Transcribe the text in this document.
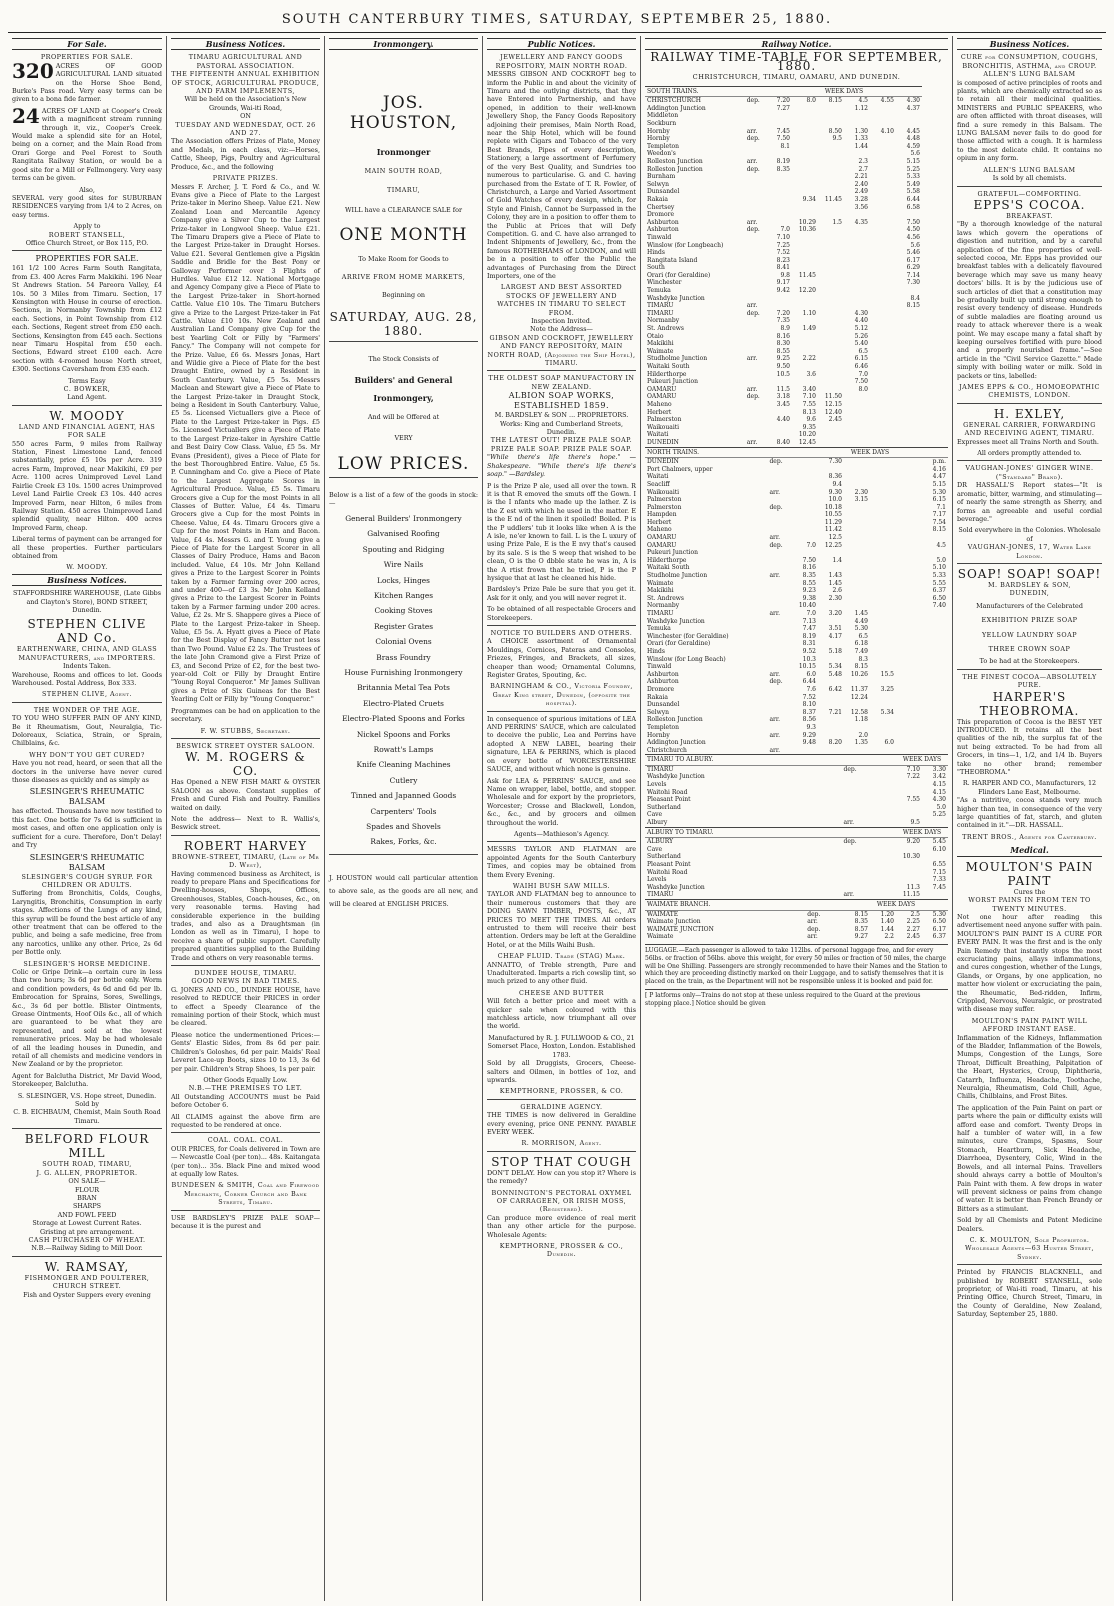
SOUTH CANTERBURY TIMES, SATURDAY, SEPTEMBER 25, 1880.
For Sale.
PROPERTIES FOR SALE.
320 ACRES OF GOOD AGRICULTURAL LAND situated on the Horse Shoe Bend, Burke's Pass road. Very easy terms can be given to a bona fide farmer.
24 ACRES OF LAND at Cooper's Creek with a magnificent stream running through it, viz., Cooper's Creek. Would make a splendid site for an Hotel, being on a corner, and the Main Road from Orari Gorge and Peel Forest to South Rangitata Railway Station, or would be a good site for a Mill or Fellmongery. Very easy terms can be given.
Also,
SEVERAL very good sites for SUBURBAN RESIDENCES varying from 1/4 to 2 Acres, on easy terms.
Apply to
ROBERT STANSELL,
Office Church Street, or Box 115, P.O.
PROPERTIES FOR SALE.
161 1/2 100 Acres Farm South Rangitata, from £3. 400 Acres Farm Makikihi. 196 Near St Andrews Station. 54 Pareora Valley, £4 10s. 50 3 Miles from Timaru. Section, 17 Kensington with House in course of erection. Sections, in Normanby Township from £12 each. Sections, in Point Township from £12 each. Sections, Regent street from £50 each. Sections, Kensington from £45 each. Sections near Timaru Hospital from £50 each. Sections, Edward street £100 each. Acre section with 4-roomed house North street, £300. Sections Caversham from £35 each.
Terms Easy
C. BOWKER,
Land Agent.
W. MOODY
LAND AND FINANCIAL AGENT, HAS FOR SALE
550 acres Farm, 9 miles from Railway Station, Finest Limestone Land, fenced substantially, price £5 10s per Acre. 319 acres Farm, Improved, near Makikihi, £9 per Acre. 1100 acres Unimproved Level Land Fairlie Creek £3 10s. 1500 acres Unimproved Level Land Fairlie Creek £3 10s. 440 acres Improved Farm, near Hilton, 6 miles from Railway Station. 450 acres Unimproved Land splendid quality, near Hilton. 400 acres Improved Farm, cheap.
Liberal terms of payment can be arranged for all these properties. Further particulars obtained from
W. MOODY.
Business Notices.
STAFFORDSHIRE WAREHOUSE, (Late Gibbs and Clayton's Store), BOND STREET, Dunedin.
STEPHEN CLIVE AND Co.
EARTHENWARE, CHINA, AND GLASS MANUFACTURERS, and IMPORTERS.
Indents Taken.
Warehouse, Rooms and offices to let. Goods Warehoused. Postal Address, Box 333.
STEPHEN CLIVE, Agent.
THE WONDER OF THE AGE.
TO YOU WHO SUFFER PAIN OF ANY KIND, Be it Rheumatism, Gout, Neuralgia, Tic-Doloreaux, Sciatica, Strain, or Sprain, Chilblains, &c.
WHY DON'T YOU GET CURED?
Have you not read, heard, or seen that all the doctors in the universe have never cured those diseases as quickly and as simply as
SLESINGER'S RHEUMATIC BALSAM
has effected. Thousands have now testified to this fact. One bottle for 7s 6d is sufficient in most cases, and often one application only is sufficient for a cure. Therefore, Don't Delay! and Try
SLESINGER'S RHEUMATIC BALSAM
SLESINGER'S COUGH SYRUP. FOR CHILDREN OR ADULTS.
Suffering from Bronchitis, Colds, Coughs, Laryngitis, Bronchitis, Consumption in early stages. Affections of the Lungs of any kind, this syrup will be found the best article of any other treatment that can be offered to the public, and being a safe medicine, free from any narcotics, unlike any other. Price, 2s 6d per Bottle only.
SLESINGER'S HORSE MEDICINE.
Colic or Gripe Drink—a certain cure in less than two hours; 3s 6d per bottle only. Worm and condition powders, 4s 6d and 6d per lb. Embrocation for Sprains, Sores, Swellings, &c., 3s 6d per bottle. Blister Ointments, Grease Ointments, Hoof Oils &c., all of which are guaranteed to be what they are represented, and sold at the lowest remunerative prices. May be had wholesale of all the leading houses in Dunedin, and retail of all chemists and medicine vendors in New Zealand or by the proprietor.
Agent for Balclutha District, Mr David Wood, Storekeeper, Balclutha.
S. SLESINGER, V.S. Hope street, Dunedin.
Sold by
C. B. EICHBAUM, Chemist, Main South Road Timaru.
BELFORD FLOUR MILL
SOUTH ROAD, TIMARU,
J. G. ALLEN, PROPRIETOR.
ON SALE—
FLOUR
BRAN
SHARPS
AND FOWL FEED
Storage at Lowest Current Rates.
Gristing at pre arrangement.
CASH PURCHASER OF WHEAT.
N.B.—Railway Siding to Mill Door.
W. RAMSAY,
FISHMONGER AND POULTERER, CHURCH STREET.
Fish and Oyster Suppers every evening
Business Notices.
TIMARU AGRICULTURAL AND PASTORAL ASSOCIATION.
THE FIFTEENTH ANNUAL EXHIBITION OF STOCK, AGRICULTURAL PRODUCE, AND FARM IMPLEMENTS,
Will be held on the Association's New Grounds, Wai-iti Road,
ON
TUESDAY AND WEDNESDAY, OCT. 26 AND 27.
The Association offers Prizes of Plate, Money and Medals, in each class, viz:—Horses, Cattle, Sheep, Pigs, Poultry and Agricultural Produce, &c., and the following
PRIVATE PRIZES.
Messrs F. Archer, J. T. Ford & Co., and W. Evans give a Piece of Plate to the Largest Prize-taker in Merino Sheep. Value £21. New Zealand Loan and Mercantile Agency Company give a Silver Cup to the Largest Prize-taker in Longwool Sheep. Value £21. The Timaru Drapers give a Piece of Plate to the Largest Prize-taker in Draught Horses. Value £21. Several Gentlemen give a Pigskin Saddle and Bridle for the Best Pony or Galloway Performer over 3 Flights of Hurdles. Value £12 12. National Mortgage and Agency Company give a Piece of Plate to the Largest Prize-taker in Short-horned Cattle. Value £10 10s. The Timaru Butchers give a Prize to the Largest Prize-taker in Fat Cattle. Value £10 10s. New Zealand and Australian Land Company give Cup for the best Yearling Colt or Filly by "Farmers' Fancy." The Company will not compete for the Prize. Value, £6 6s. Messrs Jonas, Hart and Wildie give a Piece of Plate for the best Draught Entire, owned by a Resident in South Canterbury. Value, £5 5s. Messrs Maclean and Stewart give a Piece of Plate to the Largest Prize-taker in Draught Stock, being a Resident in South Canterbury. Value, £5 5s. Licensed Victuallers give a Piece of Plate to the Largest Prize-taker in Pigs. £5 5s. Licensed Victuallers give a Piece of Plate to the Largest Prize-taker in Ayrshire Cattle and Best Dairy Cow Class. Value, £5 5s. Mr Evans (President), gives a Piece of Plate for the best Thoroughbred Entire. Value, £5 5s. P. Cunningham and Co. give a Piece of Plate to the Largest Aggregate Scores in Agricultural Produce. Value, £5 5s. Timaru Grocers give a Cup for the most Points in all Classes of Butter. Value, £4 4s. Timaru Grocers give a Cup for the most Points in Cheese. Value, £4 4s. Timaru Grocers give a Cup for the most Points in Ham and Bacon. Value, £4 4s. Messrs G. and T. Young give a Piece of Plate for the Largest Scorer in all Classes of Dairy Produce, Hams and Bacon included. Value, £4 10s. Mr John Kelland gives a Prize to the Largest Scorer in Points taken by a Farmer farming over 200 acres, and under 400—of £3 3s. Mr John Kelland gives a Prize to the Largest Scorer in Points taken by a Farmer farming under 200 acres. Value, £2 2s. Mr S. Shappere gives a Piece of Plate to the Largest Prize-taker in Sheep. Value, £5 5s. A. Hyatt gives a Piece of Plate for the Best Display of Fancy Butter not less than Two Pound. Value £2 2s. The Trustees of the late John Cramond give a First Prize of £3, and Second Prize of £2, for the best two-year-old Colt or Filly by Draught Entire "Young Royal Conqueror." Mr James Sullivan gives a Prize of Six Guineas for the Best Yearling Colt or Filly by "Young Conqueror."
Programmes can be had on application to the secretary.
F. W. STUBBS, Secretary.
BESWICK STREET OYSTER SALOON.
W. M. ROGERS & CO.
Has Opened a NEW FISH MART & OYSTER SALOON as above. Constant supplies of Fresh and Cured Fish and Poultry. Families waited on daily.
Note the address— Next to R. Wallis's, Beswick street.
ROBERT HARVEY
BROWNE-STREET, TIMARU, (Late of Mr D. West),
Having commenced business as Architect, is ready to prepare Plans and Specifications for Dwelling-houses, Shops, Offices, Greenhouses, Stables, Coach-houses, &c., on very reasonable terms. Having had considerable experience in the building trades, and also as a Draughtsman (in London as well as in Timaru), I hope to receive a share of public support. Carefully prepared quantities supplied to the Building Trade and others on very reasonable terms.
DUNDEE HOUSE, TIMARU.
GOOD NEWS IN BAD TIMES.
G. JONES AND CO., DUNDEE HOUSE, have resolved to REDUCE their PRICES in order to effect a Speedy Clearance of the remaining portion of their Stock, which must be cleared.
Please notice the undermentioned Prices:— Gents' Elastic Sides, from 8s 6d per pair. Children's Goloshes, 6d per pair. Maids' Real Leveret Lace-up Boots, sizes 10 to 13, 3s 6d per pair. Children's Strap Shoes, 1s per pair.
Other Goods Equally Low.
N.B.—THE PREMISES TO LET.
All Outstanding ACCOUNTS must be Paid before October 6.
All CLAIMS against the above firm are requested to be rendered at once.
COAL. COAL. COAL.
OUR PRICES, for Coals delivered in Town are— Newcastle Coal (per ton)... 48s. Kaitangata (per ton)... 35s. Black Pine and mixed wood at equally low Rates.
BUNDESEN & SMITH, Coal and Firewood Merchants, Corner Church and Bank Streets, Timaru.
USE BARDSLEY'S PRIZE PALE SOAP—because it is the purest and
Ironmongery.
JOS. HOUSTON,
Ironmonger
MAIN SOUTH ROAD,
TIMARU,
WILL have a CLEARANCE SALE for
ONE MONTH
To Make Room for Goods to
ARRIVE FROM HOME MARKETS,
Beginning on
SATURDAY, AUG. 28, 1880.
The Stock Consists of
Builders' and General
Ironmongery,
And will be Offered at
VERY
LOW PRICES.
Below is a list of a few of the goods in stock:—
General Builders' Ironmongery
Galvanised Roofing
Spouting and Ridging
Wire Nails
Locks, Hinges
Kitchen Ranges
Cooking Stoves
Register Grates
Colonial Ovens
Brass Foundry
House Furnishing Ironmongery
Britannia Metal Tea Pots
Electro-Plated Cruets
Electro-Plated Spoons and Forks
Nickel Spoons and Forks
Rowatt's Lamps
Knife Cleaning Machines
Cutlery
Tinned and Japanned Goods
Carpenters' Tools
Spades and Shovels
Rakes, Forks, &c.
J. HOUSTON would call particular attention to above sale, as the goods are all new, and will be cleared at ENGLISH PRICES.
Public Notices.
JEWELLERY AND FANCY GOODS REPOSITORY, MAIN NORTH ROAD.
MESSRS GIBSON AND COCKROFT beg to inform the Public in and about the vicinity of Timaru and the outlying districts, that they have Entered into Partnership, and have opened, in addition to their well-known Jewellery Shop, the Fancy Goods Repository adjoining their premises, Main North Road, near the Ship Hotel, which will be found replete with Cigars and Tobacco of the very Best Brands, Pipes of every description, Stationery, a large assortment of Perfumery of the very Best Quality, and Sundries too numerous to particularise. G. and C. having purchased from the Estate of T. R. Fowler, of Christchurch, a Large and Varied Assortment of Gold Watches of every design, which, for Style and Finish, Cannot be Surpassed in the Colony, they are in a position to offer them to the Public at Prices that will Defy Competition. G. and C. have also arranged to Indent Shipments of Jewellery, &c., from the famous ROTHERHAMS of LONDON, and will be in a position to offer the Public the advantages of Purchasing from the Direct Importers, one of the
LARGEST AND BEST ASSORTED STOCKS OF JEWELLERY AND WATCHES IN TIMARU TO SELECT FROM.
Inspection Invited.
Note the Address—
GIBSON AND COCKROFT, JEWELLERY AND FANCY REPOSITORY, MAIN NORTH ROAD, (Adjoining the Ship Hotel), TIMARU.
THE OLDEST SOAP MANUFACTORY IN NEW ZEALAND.
ALBION SOAP WORKS, ESTABLISHED 1859.
M. BARDSLEY & SON ... PROPRIETORS.
Works: King and Cumberland Streets, Dunedin.
THE LATEST OUT! PRIZE PALE SOAP. PRIZE PALE SOAP. PRIZE PALE SOAP.
"While there's life there's hope." —Shakespeare. "While there's life there's soap." —Bardsley.
P is the Prize P ale, used all over the town. R it is that R emoved the smuts off the Gown. I is the I nfants who made up the lather. Z is the Z est with which he used in the matter. E is the E nd of the linen it spoiled! Boiled. P is the P uddlers' tub it looks like when A is the A isle, ne'er known to fail. L is the L uxury of using Prize Pale, E is the E nvy that's caused by its sale. S is the S weep that wished to be clean, O is the O dbble state he was in, A is the A rtist frown that he tried, P is the P hysique that at last he cleaned his hide.
Bardsley's Prize Pale be sure that you get it. Ask for it only, and you will never regret it.
To be obtained of all respectable Grocers and Storekeepers.
NOTICE TO BUILDERS AND OTHERS.
A CHOICE assortment of Ornamental Mouldings, Cornices, Pateras and Consoles, Friezes, Fringes, and Brackets, all sizes, cheaper than wood; Ornamental Columns, Register Grates, Spouting, &c.
BARNINGHAM & CO., Victoria Foundry, Great King street, Dunedin, (opposite the hospital).
In consequence of spurious imitations of LEA AND PERRINS' SAUCE, which are calculated to deceive the public, Lea and Perrins have adopted A NEW LABEL, bearing their signature, LEA & PERRINS, which is placed on every bottle of WORCESTERSHIRE SAUCE, and without which none is genuine.
Ask for LEA & PERRINS' SAUCE, and see Name on wrapper, label, bottle, and stopper. Wholesale and for export by the proprietors, Worcester; Crosse and Blackwell, London, &c., &c., and by grocers and oilmen throughout the world.
Agents—Mathieson's Agency.
MESSRS TAYLOR AND FLATMAN are appointed Agents for the South Canterbury Times, and copies may be obtained from them Every Evening.
WAIHI BUSH SAW MILLS.
TAYLOR AND FLATMAN beg to announce to their numerous customers that they are DOING SAWN TIMBER, POSTS, &c., AT PRICES TO MEET THE TIMES. All orders entrusted to them will receive their best attention. Orders may be left at the Geraldine Hotel, or at the Mills Waihi Bush.
CHEAP FLUID. Trade (STAG) Mark.
ANNATTO, of Treble strength, Pure and Unadulterated. Imparts a rich cowslip tint, so much prized to any other fluid.
CHEESE AND BUTTER
Will fetch a better price and meet with a quicker sale when coloured with this matchless article, now triumphant all over the world.
Manufactured by R. J. FULLWOOD & CO., 21 Somerset Place, Hoxton, London. Established 1783.
Sold by all Druggists, Grocers, Cheese-salters and Oilmen, in bottles of 1oz, and upwards.
KEMPTHORNE, PROSSER, & CO.
GERALDINE AGENCY.
THE TIMES is now delivered in Geraldine every evening, price ONE PENNY. PAYABLE EVERY WEEK.
R. MORRISON, Agent.
STOP THAT COUGH
DON'T DELAY. How can you stop it? Where is the remedy?
BONNINGTON'S PECTORAL OXYMEL OF CARRAGEEN, OR IRISH MOSS, (Registered).
Can produce more evidence of real merit than any other article for the purpose. Wholesale Agents:
KEMPTHORNE, PROSSER & CO., Dunedin.
Railway Notice.
RAILWAY TIME-TABLE FOR SEPTEMBER, 1880.
CHRISTCHURCH, TIMARU, OAMARU, AND DUNEDIN.
SOUTH TRAINS.		WEEK DAYS						
CHRISTCHURCH	dep.	7.20	8.0	8.15	4.5	4.55	4.30	
Addington Junction		7.27			1.12		4.37	
Middleton								
Sockburn								
Hornby	arr.	7.45		8.50	1.30	4.10	4.45	
Hornby	dep.	7.50		9.5	1.33		4.48	
Templeton		8.1			1.44		4.59	
Weedon's							5.6	
Rolleston Junction	arr.	8.19			2.3		5.15	
Rolleston Junction	dep.	8.35			2.7		5.25	
Burnham					2.21		5.33	
Selwyn					2.40		5.49	
Dunsandel					2.49		5.58	
Rakaia			9.34	11.45	3.28		6.44	
Chertsey					3.56		6.58	
Dromore								
Ashburton	arr.		10.29	1.5	4.35		7.50	
Ashburton	dep.	7.0	10.36				4.50	
Tinwald		7.10					4.56	
Winslow (for Longbeach)		7.25					5.6	
Hinds		7.52					5.46	
Rangitata Island		8.23					6.17	
South		8.41					6.29	
Orari (for Geraldine)		9.8	11.45				7.14	
Winchester		9.17					7.30	
Temuka		9.42	12.20					
Washdyke Junction							8.4	
TIMARU	arr.						8.15	
TIMARU	dep.	7.20	1.10		4.30			
Normanby		7.35			4.40			
St. Andrews		8.9	1.49		5.12			
Otaio		8.16			5.26			
Makikihi		8.30			5.40			
Waimate		8.55			6.5			
Studholme Junction	arr.	9.25	2.22		6.15			
Waitaki South		9.50			6.46			
Hilderthorpe		10.5	3.6		7.0			
Pukeuri Junction					7.50			
OAMARU	arr.	11.5	3.40		8.0			
OAMARU	dep.	3.18	7.10	11.50				
Maheno		3.45	7.55	12.15				
Herbert			8.13	12.40				
Palmerston		4.40	9.6	2.45				
Waikouaiti			9.35					
Waitati			10.20					
DUNEDIN	arr.	8.40	12.45					
NORTH TRAINS.		WEEK DAYS					
DUNEDIN	dep.		7.30				p.m.
Port Chalmers, upper							4.16
Waitati			8.36				4.47
Seacliff			9.4				5.15
Waikouaiti	arr.		9.30	2.30			5.30
Palmerston			10.0	3.15			6.15
Palmerston	dep.		10.18				7.1
Hampden			10.55				7.17
Herbert			11.29				7.54
Maheno			11.42				8.15
OAMARU	arr.		12.5				
OAMARU	dep.	7.0	12.25				4.5
Pukeuri Junction							
Hilderthorpe		7.50	1.4				5.0
Waitaki South		8.16					5.10
Studholme Junction	arr.	8.35	1.43				5.33
Waimate		8.55	1.45				5.55
Makikihi		9.23	2.6				6.37
St. Andrews		9.38	2.30				6.50
Normanby		10.40					7.40
TIMARU	arr.	7.0	3.20	1.45			
Washdyke Junction		7.13		4.49			
Temuka		7.47	3.51	5.30			
Winchester (for Geraldine)		8.19	4.17	6.5			
Orari (for Geraldine)		8.31		6.18			
Hinds		9.52	5.18	7.49			
Winslow (for Long Beach)		10.3		8.3			
Tinwald		10.15	5.34	8.15			
Ashburton	arr.	6.0	5.48	10.26	15.5		
Ashburton	dep.	6.44					
Dromore		7.6	6.42	11.37	3.25		
Rakaia		7.52		12.24			
Dunsandel		8.10					
Selwyn		8.37	7.21	12.58	5.34		
Rolleston Junction	arr.	8.56		1.18			
Templeton		9.3					
Hornby	arr.	9.29		2.0			
Addington Junction		9.48	8.20	1.35	6.0		
Christchurch	arr.						
TIMARU TO ALBURY.		WEEK DAYS	
TIMARU	dep.	7.10	3.30
Washdyke Junction		7.22	3.42
Levels			4.15
Waitohi Road			4.15
Pleasant Point		7.55	4.30
Sutherland			5.0
Cave			5.25
Albury	arr.	9.5	
ALBURY TO TIMARU.		WEEK DAYS	
ALBURY	dep.	9.20	5.45
Cave			6.10
Sutherland		10.30	
Pleasant Point			6.55
Waitohi Road			7.15
Levels			7.33
Washdyke Junction		11.3	7.45
TIMARU	arr.	11.15	
WAIMATE BRANCH.		WEEK DAYS			
WAIMATE	dep.	8.15	1.20	2.5	5.30
Waimate Junction	arr.	8.35	1.40	2.25	6.50
WAIMATE JUNCTION	dep.	8.57	1.44	2.27	6.17
Waimate	arr.	9.27	2.2	2.45	6.37
LUGGAGE.—Each passenger is allowed to take 112lbs. of personal luggage free, and for every 56lbs. or fraction of 56lbs. above this weight, for every 50 miles or fraction of 50 miles, the charge will be One Shilling. Passengers are strongly recommended to have their Names and the Station to which they are proceeding distinctly marked on their Luggage, and to satisfy themselves that it is placed on the train, as the Department will not be responsible unless it is booked and paid for.
[ P latforms only—Trains do not stop at these unless required to the Guard at the previous stopping place.] Notice should be given
Business Notices.
CURE for CONSUMPTION, COUGHS, BRONCHITIS, ASTHMA, and CROUP.
ALLEN'S LUNG BALSAM
is composed of active principles of roots and plants, which are chemically extracted so as to retain all their medicinal qualities. MINISTERS and PUBLIC SPEAKERS, who are often afflicted with throat diseases, will find a sure remedy in this Balsam. The LUNG BALSAM never fails to do good for those afflicted with a cough. It is harmless to the most delicate child. It contains no opium in any form.
ALLEN'S LUNG BALSAM
Is sold by all chemists.
GRATEFUL—COMFORTING.
EPPS'S COCOA.
BREAKFAST.
"By a thorough knowledge of the natural laws which govern the operations of digestion and nutrition, and by a careful application of the fine properties of well-selected cocoa, Mr. Epps has provided our breakfast tables with a delicately flavoured beverage which may save us many heavy doctors' bills. It is by the judicious use of such articles of diet that a constitution may be gradually built up until strong enough to resist every tendency of disease. Hundreds of subtle maladies are floating around us ready to attack wherever there is a weak point. We may escape many a fatal shaft by keeping ourselves fortified with pure blood and a properly nourished frame."—See article in the "Civil Service Gazette." Made simply with boiling water or milk. Sold in packets or tins, labelled:
JAMES EPPS & CO., HOMOEOPATHIC CHEMISTS, LONDON.
H. EXLEY,
GENERAL CARRIER, FORWARDING AND RECEIVING AGENT, TIMARU.
Expresses meet all Trains North and South.
All orders promptly attended to.
VAUGHAN-JONES' GINGER WINE. ("Standard" Brand).
DR HASSALL'S Report states—"It is aromatic, bitter, warming, and stimulating—of nearly the same strength as Sherry, and forms an agreeable and useful cordial beverage."
Sold everywhere in the Colonies. Wholesale of
VAUGHAN-JONES, 17, Water Lane London.
SOAP! SOAP! SOAP!
M. BARDSLEY & SON,
DUNEDIN,
Manufacturers of the Celebrated
EXHIBITION PRIZE SOAP
YELLOW LAUNDRY SOAP
THREE CROWN SOAP
To be had at the Storekeepers.
THE FINEST COCOA—ABSOLUTELY PURE.
HARPER'S THEOBROMA.
This preparation of Cocoa is the BEST YET INTRODUCED. It retains all the best qualities of the nib, the surplus fat of the nut being extracted. To be had from all Grocers, in tins—1, 1/2, and 1/4 lb. Buyers take no other brand; remember "THEOBROMA."
R. HARPER AND CO., Manufacturers, 12 Flinders Lane East, Melbourne.
"As a nutritive, cocoa stands very much higher than tea, in consequence of the very large quantities of fat, starch, and gluten contained in it."—DR. HASSALL.
TRENT BROS., Agents for Canterbury.
Medical.
MOULTON'S PAIN PAINT
Cures the
WORST PAINS IN FROM TEN TO TWENTY MINUTES.
Not one hour after reading this advertisement need anyone suffer with pain. MOULTON'S PAIN PAINT IS A CURE FOR EVERY PAIN. It was the first and is the only Pain Remedy that instantly stops the most excruciating pains, allays inflammations, and cures congestion, whether of the Lungs, Glands, or Organs, by one application, no matter how violent or excruciating the pain, the Rheumatic, Bed-ridden, Infirm, Crippled, Nervous, Neuralgic, or prostrated with disease may suffer.
MOULTON'S PAIN PAINT WILL AFFORD INSTANT EASE.
Inflammation of the Kidneys, Inflammation of the Bladder, Inflammation of the Bowels, Mumps, Congestion of the Lungs, Sore Throat, Difficult Breathing, Palpitation of the Heart, Hysterics, Croup, Diphtheria, Catarrh, Influenza, Headache, Toothache, Neuralgia, Rheumatism, Cold Chill, Ague, Chills, Chilblains, and Frost Bites.
The application of the Pain Paint on part or parts where the pain or difficulty exists will afford ease and comfort. Twenty Drops in half a tumbler of water will, in a few minutes, cure Cramps, Spasms, Sour Stomach, Heartburn, Sick Headache, Diarrhoea, Dysentery, Colic, Wind in the Bowels, and all internal Pains. Travellers should always carry a bottle of Moulton's Pain Paint with them. A few drops in water will prevent sickness or pains from change of water. It is better than French Brandy or Bitters as a stimulant.
Sold by all Chemists and Patent Medicine Dealers.
C. K. MOULTON, Sole Proprietor. Wholesale Agents—63 Hunter Street, Sydney.
Printed by FRANCIS BLACKNELL, and published by ROBERT STANSELL, sole proprietor, of Wai-iti road, Timaru, at his Printing Office, Church Street, Timaru, in the County of Geraldine, New Zealand, Saturday, September 25, 1880.
